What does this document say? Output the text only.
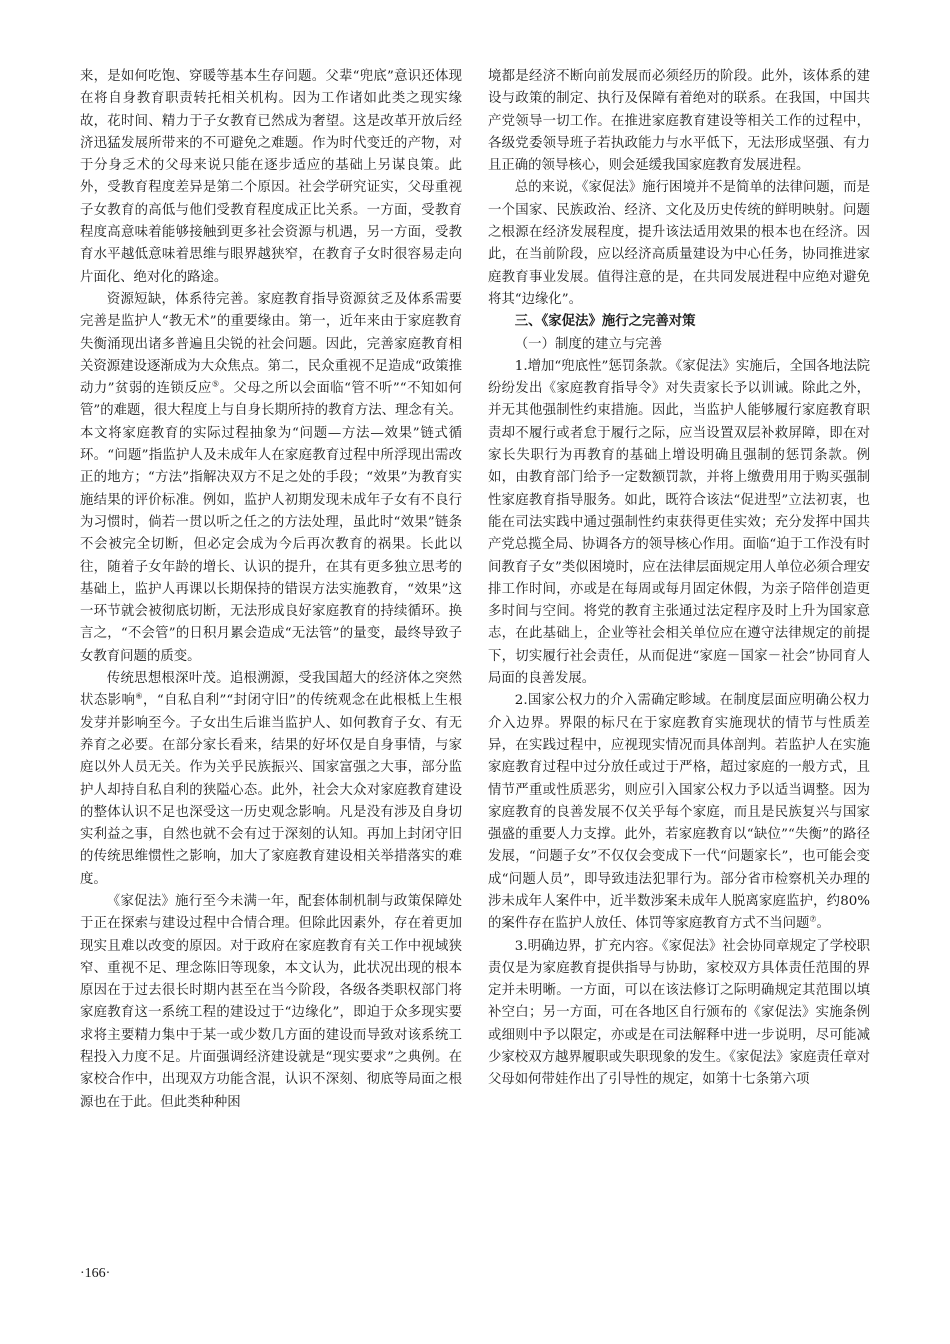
来，是如何吃饱、穿暖等基本生存问题。父辈“兜底”意识还体现在将自身教育职责转托相关机构。因为工作诸如此类之现实缘故，花时间、精力于子女教育已然成为奢望。这是改革开放后经济迅猛发展所带来的不可避免之难题。作为时代变迁的产物，对于分身乏术的父母来说只能在逐步适应的基础上另谋良策。此外，受教育程度差异是第二个原因。社会学研究证实，父母重视子女教育的高低与他们受教育程度成正比关系。一方面，受教育程度高意味着能够接触到更多社会资源与机遇，另一方面，受教育水平越低意味着思维与眼界越狭窄，在教育子女时很容易走向片面化、绝对化的路途。

资源短缺，体系待完善。家庭教育指导资源贫乏及体系需要完善是监护人“教无术”的重要缘由。第一，近年来由于家庭教育失衡涌现出诸多普遍且尖锐的社会问题。因此，完善家庭教育相关资源建设逐渐成为大众焦点。第二，民众重视不足造成“政策推动力”贫弱的连锁反应⑤。父母之所以会面临“管不听”“不知如何管”的难题，很大程度上与自身长期所持的教育方法、理念有关。本文将家庭教育的实际过程抽象为“问题—方法—效果”链式循环。“问题”指监护人及未成年人在家庭教育过程中所浮现出需改正的地方；“方法”指解决双方不足之处的手段；“效果”为教育实施结果的评价标准。例如，监护人初期发现未成年子女有不良行为习惯时，倘若一贯以听之任之的方法处理，虽此时“效果”链条不会被完全切断，但必定会成为今后再次教育的祸果。长此以往，随着子女年龄的增长、认识的提升，在其有更多独立思考的基础上，监护人再课以长期保持的错误方法实施教育，“效果”这一环节就会被彻底切断，无法形成良好家庭教育的持续循环。换言之，“不会管”的日积月累会造成“无法管”的量变，最终导致子女教育问题的质变。

传统思想根深叶茂。追根溯源，受我国超大的经济体之突然状态影响⑥，“自私自利”“封闭守旧”的传统观念在此根柢上生根发芽并影响至今。子女出生后谁当监护人、如何教育子女、有无养育之必要。在部分家长看来，结果的好坏仅是自身事情，与家庭以外人员无关。作为关乎民族振兴、国家富强之大事，部分监护人却持自私自利的狭隘心态。此外，社会大众对家庭教育建设的整体认识不足也深受这一历史观念影响。凡是没有涉及自身切实利益之事，自然也就不会有过于深刻的认知。再加上封闭守旧的传统思维惯性之影响，加大了家庭教育建设相关举措落实的难度。

《家促法》施行至今未满一年，配套体制机制与政策保障处于正在探索与建设过程中合情合理。但除此因素外，存在着更加现实且难以改变的原因。对于政府在家庭教育有关工作中视域狭窄、重视不足、理念陈旧等现象，本文认为，此状况出现的根本原因在于过去很长时期内甚至在当今阶段，各级各类职权部门将家庭教育这一系统工程的建设过于“边缘化”，即迫于众多现实要求将主要精力集中于某一或少数几方面的建设而导致对该系统工程投入力度不足。片面强调经济建设就是“现实要求”之典例。在家校合作中，出现双方功能含混，认识不深刻、彻底等局面之根源也在于此。但此类种种困

境都是经济不断向前发展而必须经历的阶段。此外，该体系的建设与政策的制定、执行及保障有着绝对的联系。在我国，中国共产党领导一切工作。在推进家庭教育建设等相关工作的过程中，各级党委领导班子若执政能力与水平低下，无法形成坚强、有力且正确的领导核心，则会延缓我国家庭教育发展进程。

总的来说，《家促法》施行困境并不是简单的法律问题，而是一个国家、民族政治、经济、文化及历史传统的鲜明映射。问题之根源在经济发展程度，提升该法适用效果的根本也在经济。因此，在当前阶段，应以经济高质量建设为中心任务，协同推进家庭教育事业发展。值得注意的是，在共同发展进程中应绝对避免将其“边缘化”。

三、《家促法》施行之完善对策
（一）制度的建立与完善

1.增加“兜底性”惩罚条款。《家促法》实施后，全国各地法院纷纷发出《家庭教育指导令》对失责家长予以训诫。除此之外，并无其他强制性约束措施。因此，当监护人能够履行家庭教育职责却不履行或者怠于履行之际，应当设置双层补救屏障，即在对家长失职行为再教育的基础上增设明确且强制的惩罚条款。例如，由教育部门给予一定数额罚款，并将上缴费用用于购买强制性家庭教育指导服务。如此，既符合该法“促进型”立法初衷，也能在司法实践中通过强制性约束获得更佳实效；充分发挥中国共产党总揽全局、协调各方的领导核心作用。面临“迫于工作没有时间教育子女”类似困境时，应在法律层面规定用人单位必须合理安排工作时间，亦或是在每周或每月固定休假，为亲子陪伴创造更多时间与空间。将党的教育主张通过法定程序及时上升为国家意志，在此基础上，企业等社会相关单位应在遵守法律规定的前提下，切实履行社会责任，从而促进“家庭－国家－社会”协同育人局面的良善发展。

2.国家公权力的介入需确定畛域。在制度层面应明确公权力介入边界。界限的标尺在于家庭教育实施现状的情节与性质差异，在实践过程中，应视现实情况而具体剖判。若监护人在实施家庭教育过程中过分放任或过于严格，超过家庭的一般方式，且情节严重或性质恶劣，则应引入国家公权力予以适当调整。因为家庭教育的良善发展不仅关乎每个家庭，而且是民族复兴与国家强盛的重要人力支撑。此外，若家庭教育以“缺位”“失衡”的路径发展，“问题子女”不仅仅会变成下一代“问题家长”，也可能会变成“问题人员”，即导致违法犯罪行为。部分省市检察机关办理的涉未成年人案件中，近半数涉案未成年人脱离家庭监护，约80%的案件存在监护人放任、体罚等家庭教育方式不当问题⑦。

3.明确边界，扩充内容。《家促法》社会协同章规定了学校职责仅是为家庭教育提供指导与协助，家校双方具体责任范围的界定并未明晰。一方面，可以在该法修订之际明确规定其范围以填补空白；另一方面，可在各地区自行颁布的《家促法》实施条例或细则中予以限定，亦或是在司法解释中进一步说明，尽可能减少家校双方越界履职或失职现象的发生。《家促法》家庭责任章对父母如何带娃作出了引导性的规定，如第十七条第六项

·166·
